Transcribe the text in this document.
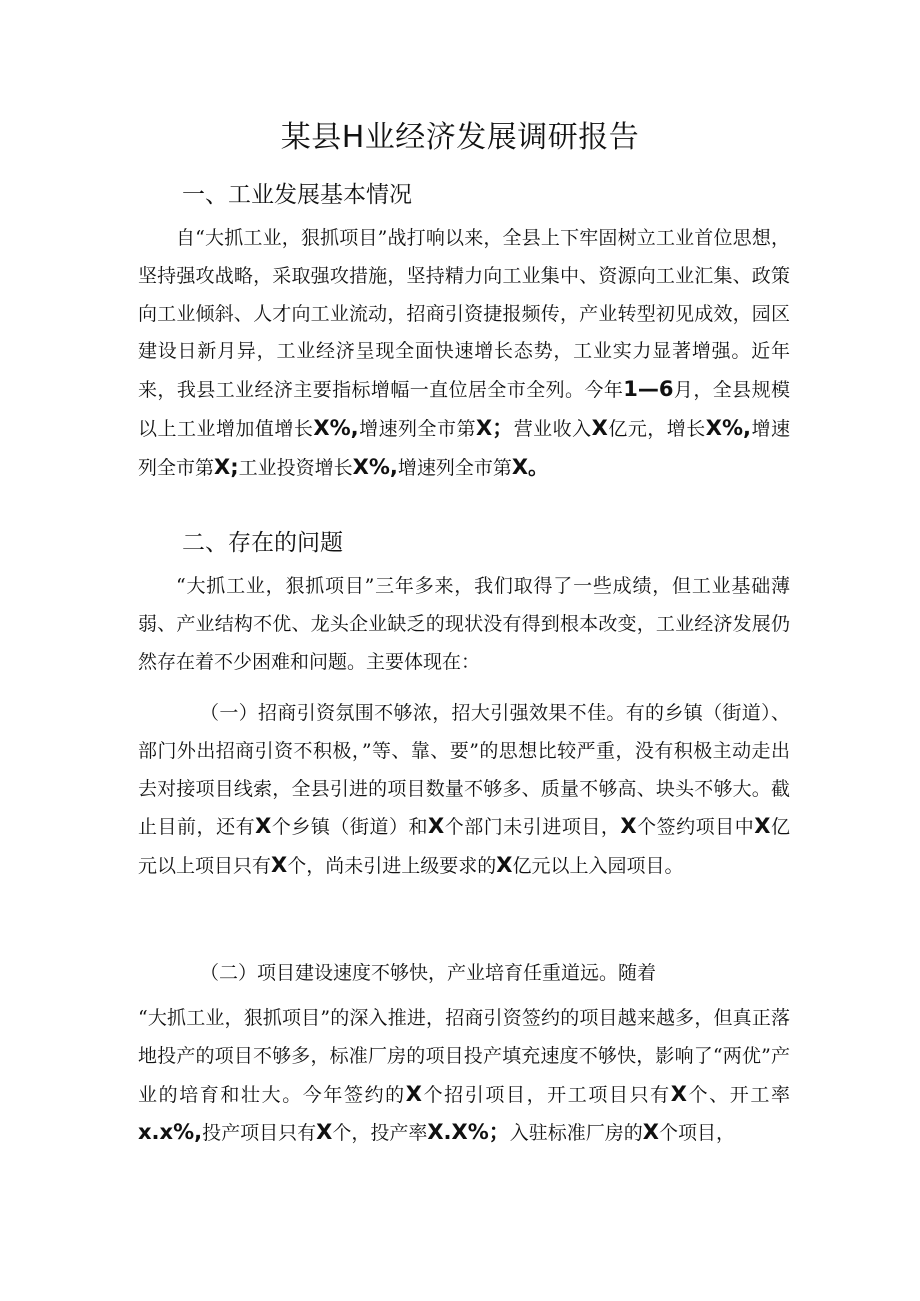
某县H业经济发展调研报告
一、工业发展基本情况

自“大抓工业，狠抓项目”战打响以来，全县上下牢固树立工业首位思想，坚持强攻战略，采取强攻措施，坚持精力向工业集中、资源向工业汇集、政策向工业倾斜、人才向工业流动，招商引资捷报频传，产业转型初见成效，园区建设日新月异，工业经济呈现全面快速增长态势，工业实力显著增强。近年来，我县工业经济主要指标增幅一直位居全市全列。今年1—6月，全县规模以上工业增加值增长X%,增速列全市第X；营业收入X亿元，增长X%,增速列全市第X;工业投资增长X%,增速列全市第X。

二、存在的问题

“大抓工业，狠抓项目”三年多来，我们取得了一些成绩，但工业基础薄弱、产业结构不优、龙头企业缺乏的现状没有得到根本改变，工业经济发展仍然存在着不少困难和问题。主要体现在：

（一）招商引资氛围不够浓，招大引强效果不佳。有的乡镇（街道）、部门外出招商引资不积极，”等、靠、要”的思想比较严重，没有积极主动走出去对接项目线索，全县引进的项目数量不够多、质量不够高、块头不够大。截止目前，还有X个乡镇（街道）和X个部门未引进项目，X个签约项目中X亿元以上项目只有X个，尚未引进上级要求的X亿元以上入园项目。

（二）项目建设速度不够快，产业培育任重道远。随着

“大抓工业，狠抓项目”的深入推进，招商引资签约的项目越来越多，但真正落地投产的项目不够多，标准厂房的项目投产填充速度不够快，影响了“两优”产业的培育和壮大。今年签约的X个招引项目，开工项目只有X个、开工率x.x%,投产项目只有X个，投产率X.X%；入驻标准厂房的X个项目，
